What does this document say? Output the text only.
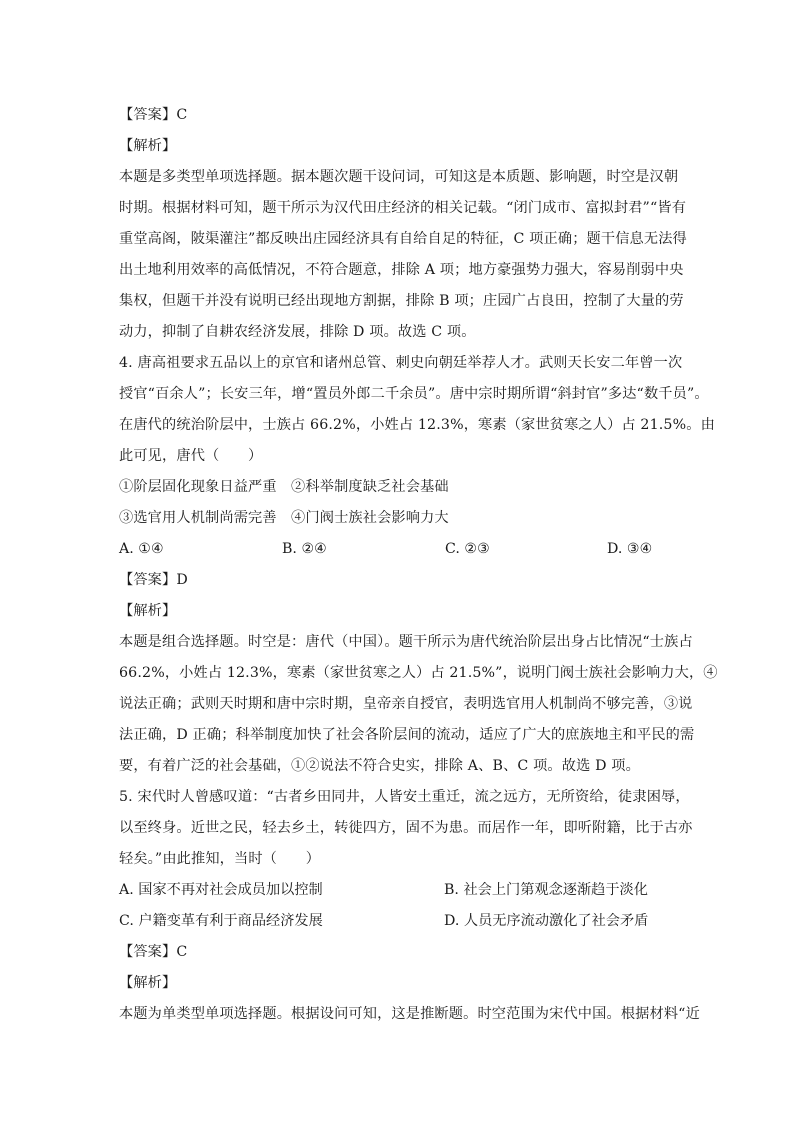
【答案】C
【解析】
本题是多类型单项选择题。据本题次题干设问词，可知这是本质题、影响题，时空是汉朝
时期。根据材料可知，题干所示为汉代田庄经济的相关记载。“闭门成市、富拟封君”“皆有
重堂高阁，陂渠灌注”都反映出庄园经济具有自给自足的特征，C 项正确；题干信息无法得
出土地利用效率的高低情况，不符合题意，排除 A 项；地方豪强势力强大，容易削弱中央
集权，但题干并没有说明已经出现地方割据，排除 B 项；庄园广占良田，控制了大量的劳
动力，抑制了自耕农经济发展，排除 D 项。故选 C 项。
4. 唐高祖要求五品以上的京官和诸州总管、刺史向朝廷举荐人才。武则天长安二年曾一次
授官“百余人”；长安三年，增“置员外郎二千余员”。唐中宗时期所谓“斜封官”多达“数千员”。
在唐代的统治阶层中，士族占 66.2%，小姓占 12.3%，寒素（家世贫寒之人）占 21.5%。由
此可见，唐代（　　）
①阶层固化现象日益严重　②科举制度缺乏社会基础
③选官用人机制尚需完善　④门阀士族社会影响力大
A. ①④	B. ②④	C. ②③	D. ③④
【答案】D
【解析】
本题是组合选择题。时空是：唐代（中国）。题干所示为唐代统治阶层出身占比情况“士族占
66.2%，小姓占 12.3%，寒素（家世贫寒之人）占 21.5%”，说明门阀士族社会影响力大，④
说法正确；武则天时期和唐中宗时期，皇帝亲自授官，表明选官用人机制尚不够完善，③说
法正确，D 正确；科举制度加快了社会各阶层间的流动，适应了广大的庶族地主和平民的需
要，有着广泛的社会基础，①②说法不符合史实，排除 A、B、C 项。故选 D 项。
5. 宋代时人曾感叹道：“古者乡田同井，人皆安土重迁，流之远方，无所资给，徒隶困辱，
以至终身。近世之民，轻去乡土，转徙四方，固不为患。而居作一年，即听附籍，比于古亦
轻矣。”由此推知，当时（　　）
A. 国家不再对社会成员加以控制	B. 社会上门第观念逐渐趋于淡化
C. 户籍变革有利于商品经济发展	D. 人员无序流动激化了社会矛盾
【答案】C
【解析】
本题为单类型单项选择题。根据设问可知，这是推断题。时空范围为宋代中国。根据材料“近
